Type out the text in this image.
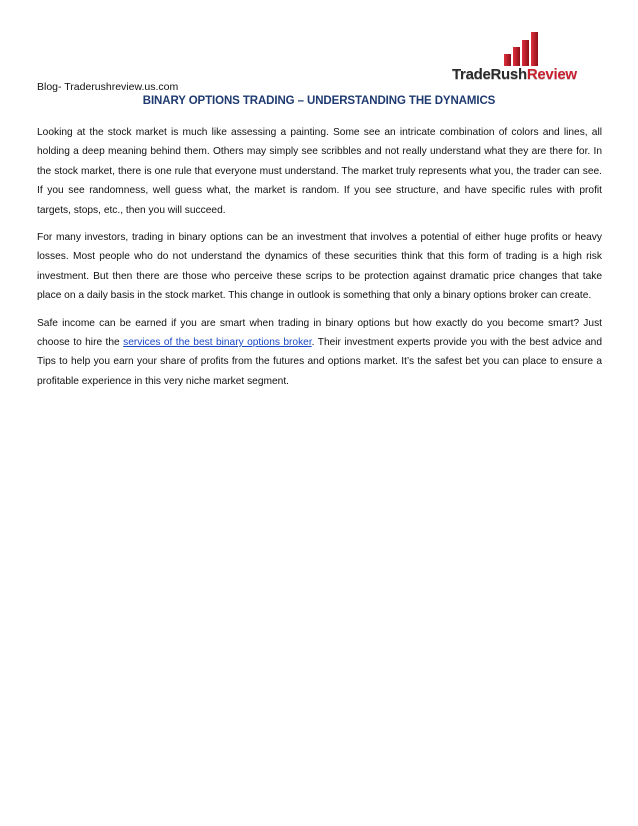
TradeRushReview
Blog- Traderushreview.us.com
BINARY OPTIONS TRADING – UNDERSTANDING THE DYNAMICS

Looking at the stock market is much like assessing a painting. Some see an intricate combination of colors and lines, all holding a deep meaning behind them. Others may simply see scribbles and not really understand what they are there for. In the stock market, there is one rule that everyone must understand. The market truly represents what you, the trader can see. If you see randomness, well guess what, the market is random. If you see structure, and have specific rules with profit targets, stops, etc., then you will succeed.

For many investors, trading in binary options can be an investment that involves a potential of either huge profits or heavy losses. Most people who do not understand the dynamics of these securities think that this form of trading is a high risk investment. But then there are those who perceive these scrips to be protection against dramatic price changes that take place on a daily basis in the stock market. This change in outlook is something that only a binary options broker can create.

Safe income can be earned if you are smart when trading in binary options but how exactly do you become smart? Just choose to hire the services of the best binary options broker. Their investment experts provide you with the best advice and Tips to help you earn your share of profits from the futures and options market. It’s the safest bet you can place to ensure a profitable experience in this very niche market segment.
